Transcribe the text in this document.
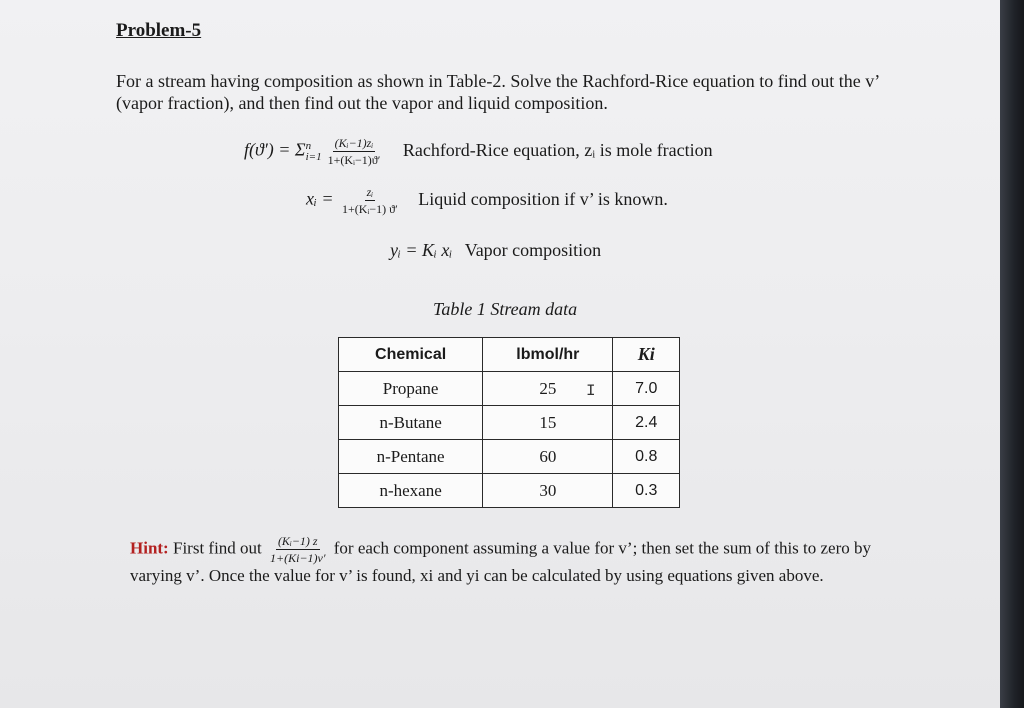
Problem-5
For a stream having composition as shown in Table-2. Solve the Rachford-Rice equation to find out the v’ (vapor fraction), and then find out the vapor and liquid composition.
f(ϑ′) = Σ n
$i=1 \frac{\text{(Kᵢ−1)zᵢ}}{\text{1+(Kᵢ−1)ϑ′}}$ Rachford-Rice equation, zᵢ is mole fraction
xᵢ = $\frac{\text{zᵢ}}{\text{1+(Kᵢ−1) ϑ′}}$ Liquid composition if v’ is known.
yᵢ = Kᵢ xᵢ Vapor composition
Table 1 Stream data
Chemical	lbmol/hr	Ki
Propane	25	7.0
n-Butane	15	2.4
n-Pentane	60	0.8
n-hexane	30	0.3
I
Hint: First find out $\frac{\text{(Kᵢ−1) z}}{1+(Ki-1)v'}$ for each component assuming a value for v’; then set the sum of this to zero by varying v’. Once the value for v’ is found, xi and yi can be calculated by using equations given above.
